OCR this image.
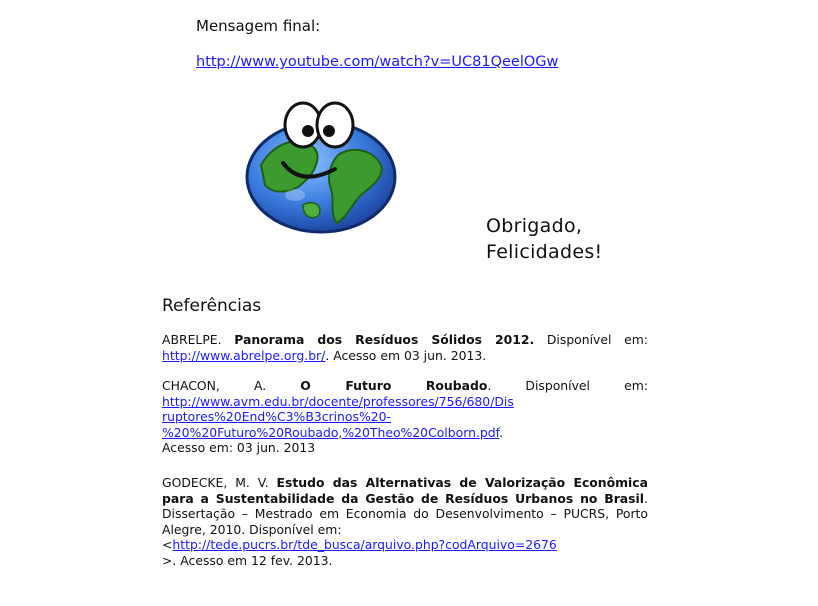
Mensagem final:
http://www.youtube.com/watch?v=UC81QeelOGw
Obrigado,
Felicidades!
Referências
ABRELPE. Panorama dos Resíduos Sólidos 2012. Disponível em:
http://www.abrelpe.org.br/. Acesso em 03 jun. 2013.
CHACON, A.	O Futuro Roubado. Disponível em:
http://www.avm.edu.br/docente/professores/756/680/Dis
ruptores%20End%C3%B3crinos%20-
%20%20Futuro%20Roubado,%20Theo%20Colborn.pdf.
Acesso em: 03 jun. 2013
GODECKE, M. V. Estudo das Alternativas de Valorização Econômica para a Sustentabilidade da Gestão de Resíduos Urbanos no Brasil. Dissertação – Mestrado em Economia do Desenvolvimento – PUCRS, Porto Alegre, 2010. Disponível em:
<http://tede.pucrs.br/tde_busca/arquivo.php?codArquivo=2676
>. Acesso em 12 fev. 2013.
